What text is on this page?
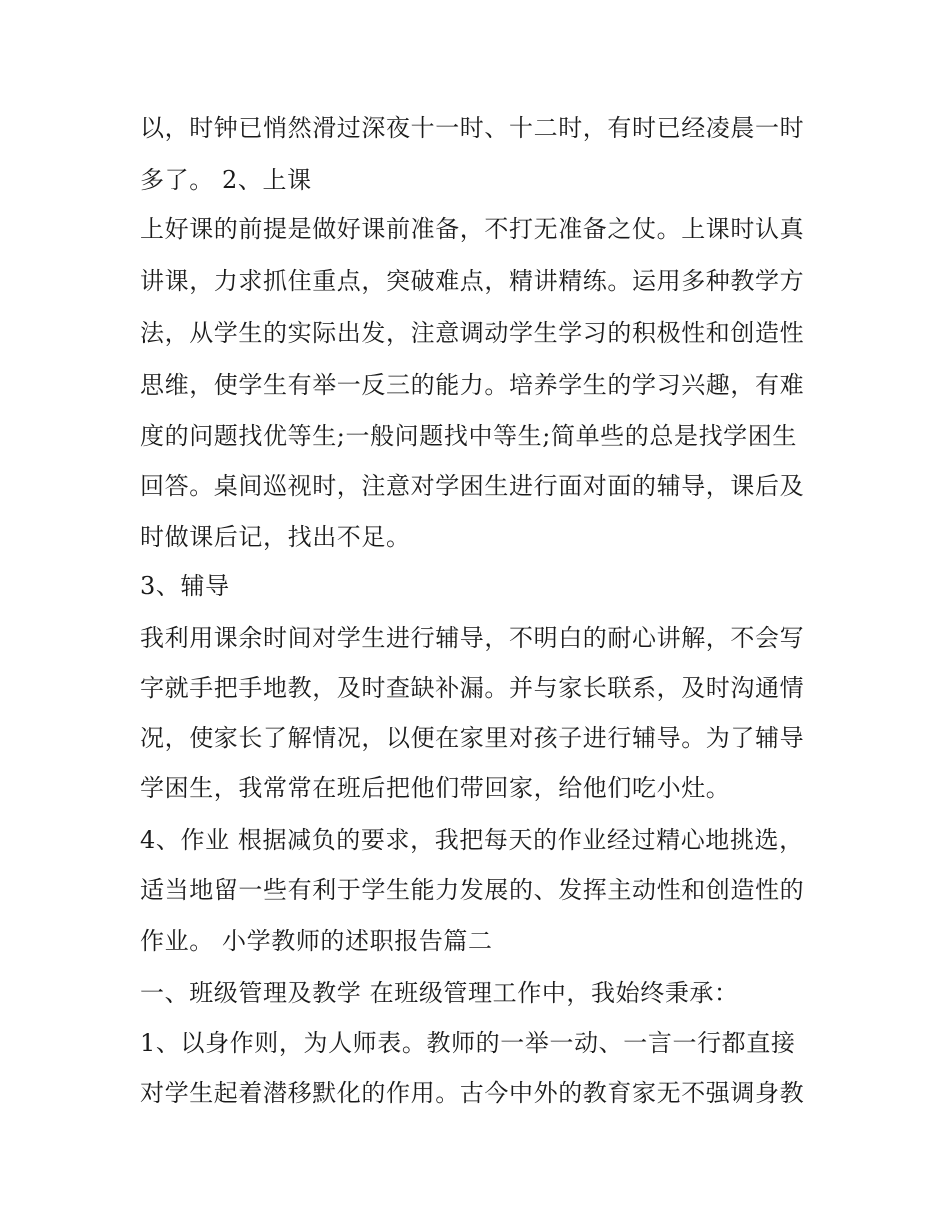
以，时钟已悄然滑过深夜十一时、十二时，有时已经凌晨一时
多了。 2、上课
上好课的前提是做好课前准备，不打无准备之仗。上课时认真
讲课，力求抓住重点，突破难点，精讲精练。运用多种教学方
法，从学生的实际出发，注意调动学生学习的积极性和创造性
思维，使学生有举一反三的能力。培养学生的学习兴趣，有难
度的问题找优等生;一般问题找中等生;简单些的总是找学困生
回答。桌间巡视时，注意对学困生进行面对面的辅导，课后及
时做课后记，找出不足。
3、辅导
我利用课余时间对学生进行辅导，不明白的耐心讲解，不会写
字就手把手地教，及时查缺补漏。并与家长联系，及时沟通情
况，使家长了解情况，以便在家里对孩子进行辅导。为了辅导
学困生，我常常在班后把他们带回家，给他们吃小灶。
4、作业 根据减负的要求，我把每天的作业经过精心地挑选，
适当地留一些有利于学生能力发展的、发挥主动性和创造性的
作业。 小学教师的述职报告篇二
一、班级管理及教学 在班级管理工作中，我始终秉承：
1、以身作则，为人师表。教师的一举一动、一言一行都直接
对学生起着潜移默化的作用。古今中外的教育家无不强调身教
